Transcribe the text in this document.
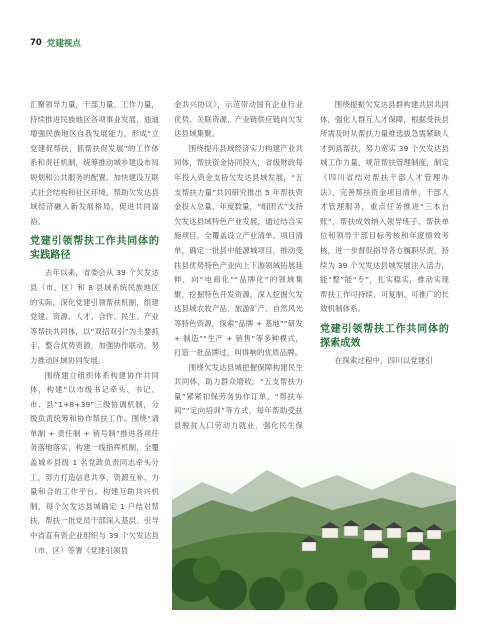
70 党建视点

汇聚领导力量，干部力量、工作力量，持续推进民族地区各项事业发展，迪迪增强民族地区自我发展能力，形成“立党建促帮扶，抓帮扶促发展”的工作体系和责任机制，统筹推动城乡建设布局规划和公共服务的配置。加快建设互联式社会结构和社区环境，帮助欠发达县域经济融入新发展格局，促进共同富裕。

党建引领帮扶工作共同体的实践路径

去年以来，省委会从 39 个欠发达县（市、区）和 8 县域系统民族地区的实际，深化党建引领帮扶机制，组建党建、资源、人才、合作、民生、产业等帮扶共同体，以“双招双引”为主要抓手，整合优势资源，加强协作联动，努力推动区域协同发展。

围绕建立组织体系构建协作共同体，构建“以市级书记牵头、书记、市、县“1+8+39”三级协调机制，分级负责统筹和协作帮扶工作。围绕“请单制 + 责任制 + 销号制”推进各项任务落地落实，构建一线指挥机制，全覆盖城乡县级 1 名党政负责同志牵头分工，努力打造信息共享、资源互补、力量和合的工作平台。构建互助共兴机制，每个欠发达县城确定 1 户结对帮扶，帮扶一批党员干部深入基层、引导中省直有资企业组织与 39 个欠发达县（市、区）签署《党建引领县

金共兴协议》，示范带动国有企业行业优势、关联资源、产业链供应链向欠发达县域集聚。

围绕提升县域经济实力构建产业共同体，帮扶资金协同投入，省级财政每年投入资金支持欠发达县域发展，“五支帮扶力量”共同研究推出 5 年帮扶资金投入总量、年度数量，“组团式”支持欠发达县域特色产业发展，通过结合实施项目，全覆盖设立产业清单、项目清单，确定一批县中能源城项目，推动受扶县优势特色产业向上下游领域拓展延伸，向“电商化”“品牌化”的领域集聚，挖掘特色开发资源，深入挖掘欠发达县城农牧产品、旅游矿产、自然风光等特色资源，探索“品牌 + 基地”“研发 + 制造”“生产 + 销售”等多种模式，打造一批品牌过、叫得响的优质品牌。

围绕欠发达县城把握保障构建民生共同体，助力群众增收。“五支帮扶力量”紧紧扣保劳务协作订单，“帮扶车间”“定向培训”等方式，每年帮助受扶县脱贫人口劳动力就业，强化民生保

围绕提振欠发达县群构建共居共同体，强化人群互人才保障，根据受扶县所需及时从帮扶力量推选拔急需紧缺人才到县帮扶，努力宽实 39 个欠发达县城工作力量，规范帮扶管理制度，制定《四川省结对帮扶干部人才管理办法》，完善帮扶资金项目清单，干部人才管理服务，重点任务推进“三本台账”，帮扶成效纳入领导班子、帮扶单位和领导干部目标考核和年度绩效考核，进一步督促指导各方履职尽责，持续为 39 个欠发达县城发展注入活力，能“整”能“专”，扎实稳实，推动实现帮扶工作可持续、可复制、可推广的长效机制体系。

党建引领帮扶工作共同体的探索成效

在探索过程中，四川以党建引
